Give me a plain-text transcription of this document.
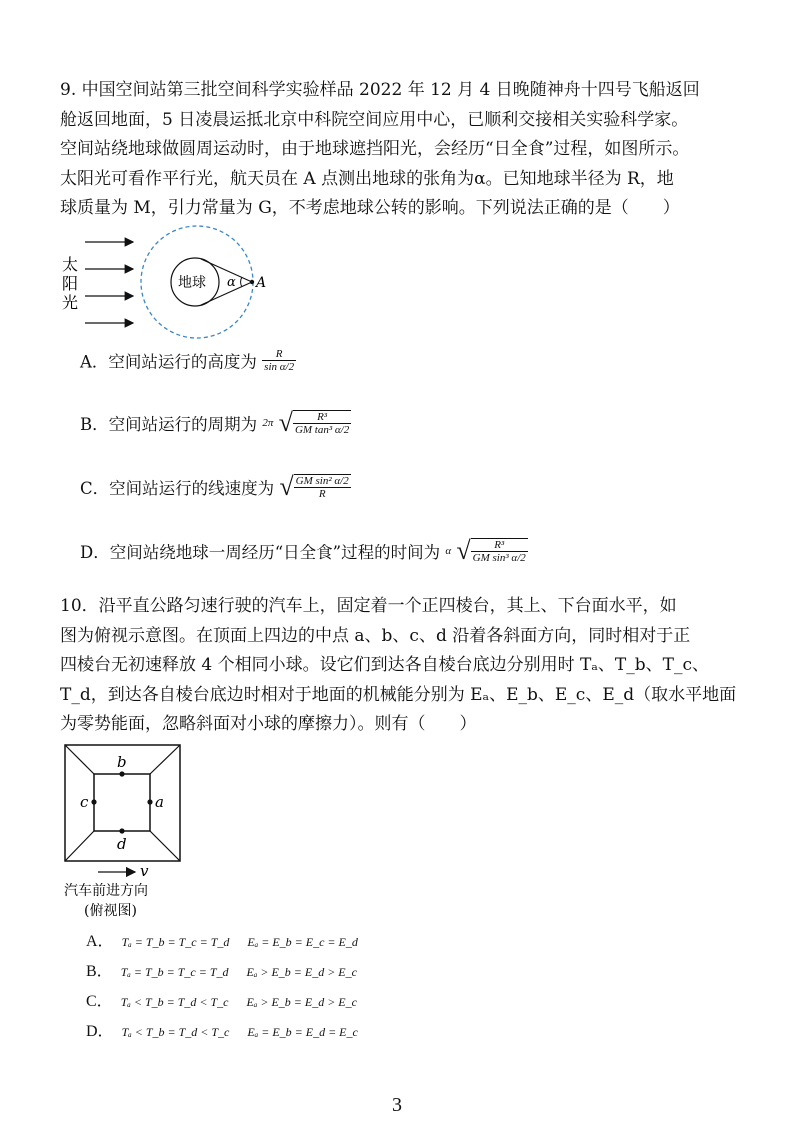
9. 中国空间站第三批空间科学实验样品 2022 年 12 月 4 日晚随神舟十四号飞船返回
舱返回地面，5 日凌晨运抵北京中科院空间应用中心，已顺利交接相关实验科学家。
空间站绕地球做圆周运动时，由于地球遮挡阳光，会经历“日全食”过程，如图所示。
太阳光可看作平行光，航天员在 A 点测出地球的张角为α。已知地球半径为 R，地
球质量为 M，引力常量为 G，不考虑地球公转的影响。下列说法正确的是（　　）
太
阳
光
地球 α A
A．空间站运行的高度为 $\frac{R}{\text{sin α/2}}$
B．空间站运行的周期为 2π √ $\frac{\text{R³}}{\text{GM tan³ α/2}}$
C．空间站运行的线速度为 √ $\frac{\text{GM sin² α/2}}{R}$
D．空间站绕地球一周经历“日全食”过程的时间为 α √ $\frac{\text{R³}}{\text{GM sin³ α/2}}$
10．沿平直公路匀速行驶的汽车上，固定着一个正四棱台，其上、下台面水平，如
图为俯视示意图。在顶面上四边的中点 a、b、c、d 沿着各斜面方向，同时相对于正
四棱台无初速释放 4 个相同小球。设它们到达各自棱台底边分别用时 Tₐ、T_b、T_c、
T_d，到达各自棱台底边时相对于地面的机械能分别为 Eₐ、E_b、E_c、E_d（取水平地面
为零势能面，忽略斜面对小球的摩擦力）。则有（　　）
b
d
c	a
v
汽车前进方向
(俯视图)
A． Tₐ = T_b = T_c = T_d Eₐ = E_b = E_c = E_d
B． Tₐ = T_b = T_c = T_d Eₐ > E_b = E_d > E_c
C． Tₐ < T_b = T_d < T_c Eₐ > E_b = E_d > E_c
D． Tₐ < T_b = T_d < T_c Eₐ = E_b = E_d = E_c
3
